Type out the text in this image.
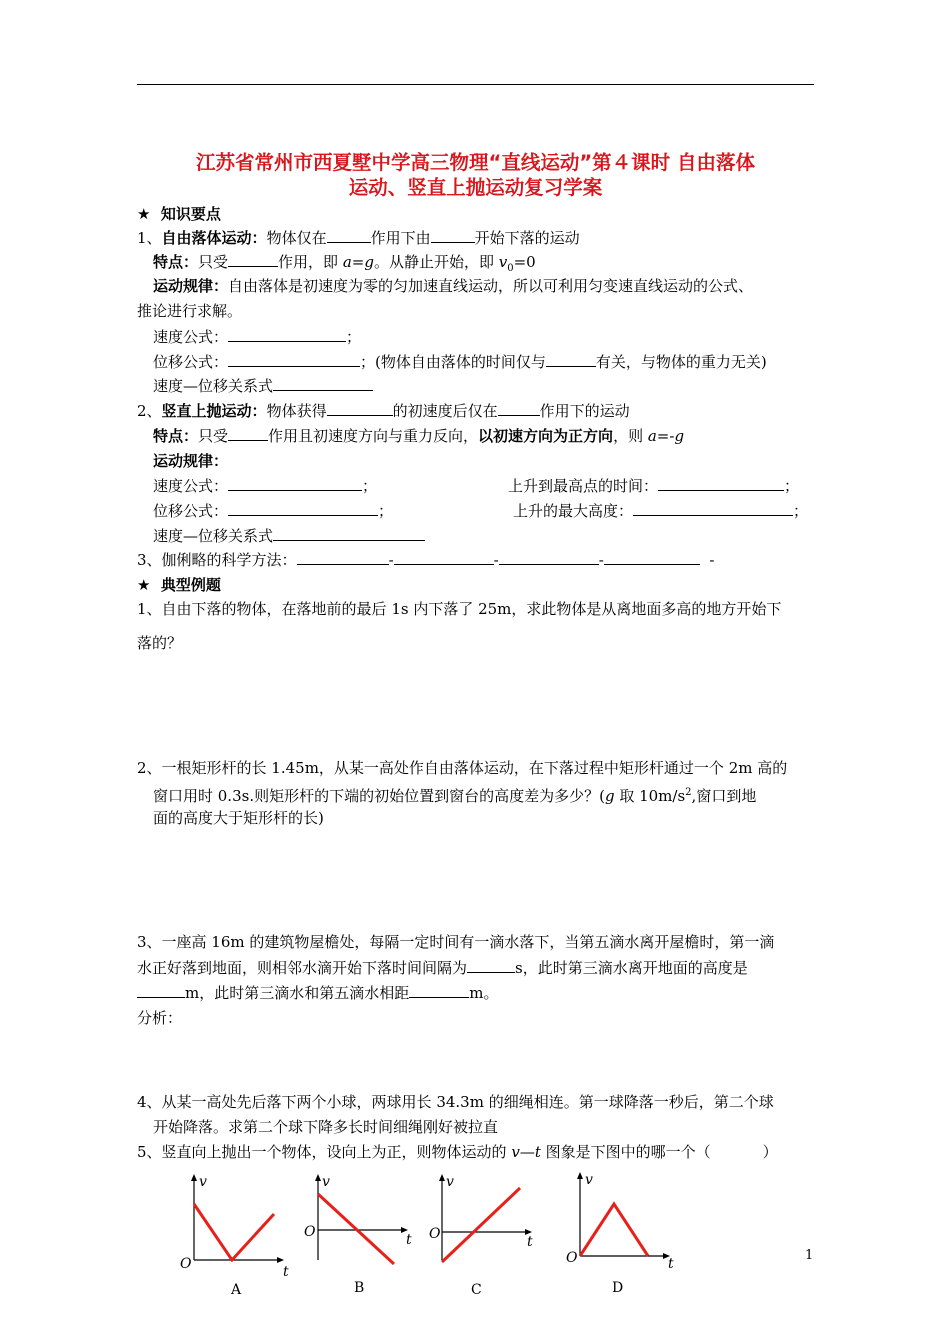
江苏省常州市西夏墅中学高三物理“直线运动”第４课时 自由落体
运动、竖直上抛运动复习学案
★ 知识要点
1、自由落体运动：物体仅在	作用下由	开始下落的运动
特点：只受	作用，即 a=g。从静止开始，即 $v_0=0$
运动规律：自由落体是初速度为零的匀加速直线运动，所以可利用匀变速直线运动的公式、
推论进行求解。
速度公式：	；
位移公式：	；(物体自由落体的时间仅与	有关，与物体的重力无关)
速度—位移关系式
2、竖直上抛运动：物体获得	的初速度后仅在	作用下的运动
特点：只受	作用且初速度方向与重力反向，以初速方向为正方向，则 a=-g
运动规律：
速度公式：	；	上升到最高点的时间：	；
位移公式：	；	上升的最大高度：	；
速度—位移关系式
3、伽俐略的科学方法：	-	-	-	-
★ 典型例题
1、自由下落的物体，在落地前的最后 1s 内下落了 25m，求此物体是从离地面多高的地方开始下
落的？
2、一根矩形杆的长 1.45m，从某一高处作自由落体运动，在下落过程中矩形杆通过一个 2m 高的
窗口用时 0.3s.则矩形杆的下端的初始位置到窗台的高度差为多少？(g 取 $10m/s^2$,窗口到地
面的高度大于矩形杆的长)
3、一座高 16m 的建筑物屋檐处，每隔一定时间有一滴水落下，当第五滴水离开屋檐时，第一滴
水正好落到地面，则相邻水滴开始下落时间间隔为	s，此时第三滴水离开地面的高度是
m，此时第三滴水和第五滴水相距	m。
分析：
4、从某一高处先后落下两个小球，两球用长 34.3m 的细绳相连。第一球降落一秒后，第二个球
开始降落。求第二个球下降多长时间细绳刚好被拉直
5、竖直向上抛出一个物体，设向上为正，则物体运动的 v—t 图象是下图中的哪一个（	）
v
O	t
A
v
O	t
B
v
O	t
C
v
O	t
D
1
